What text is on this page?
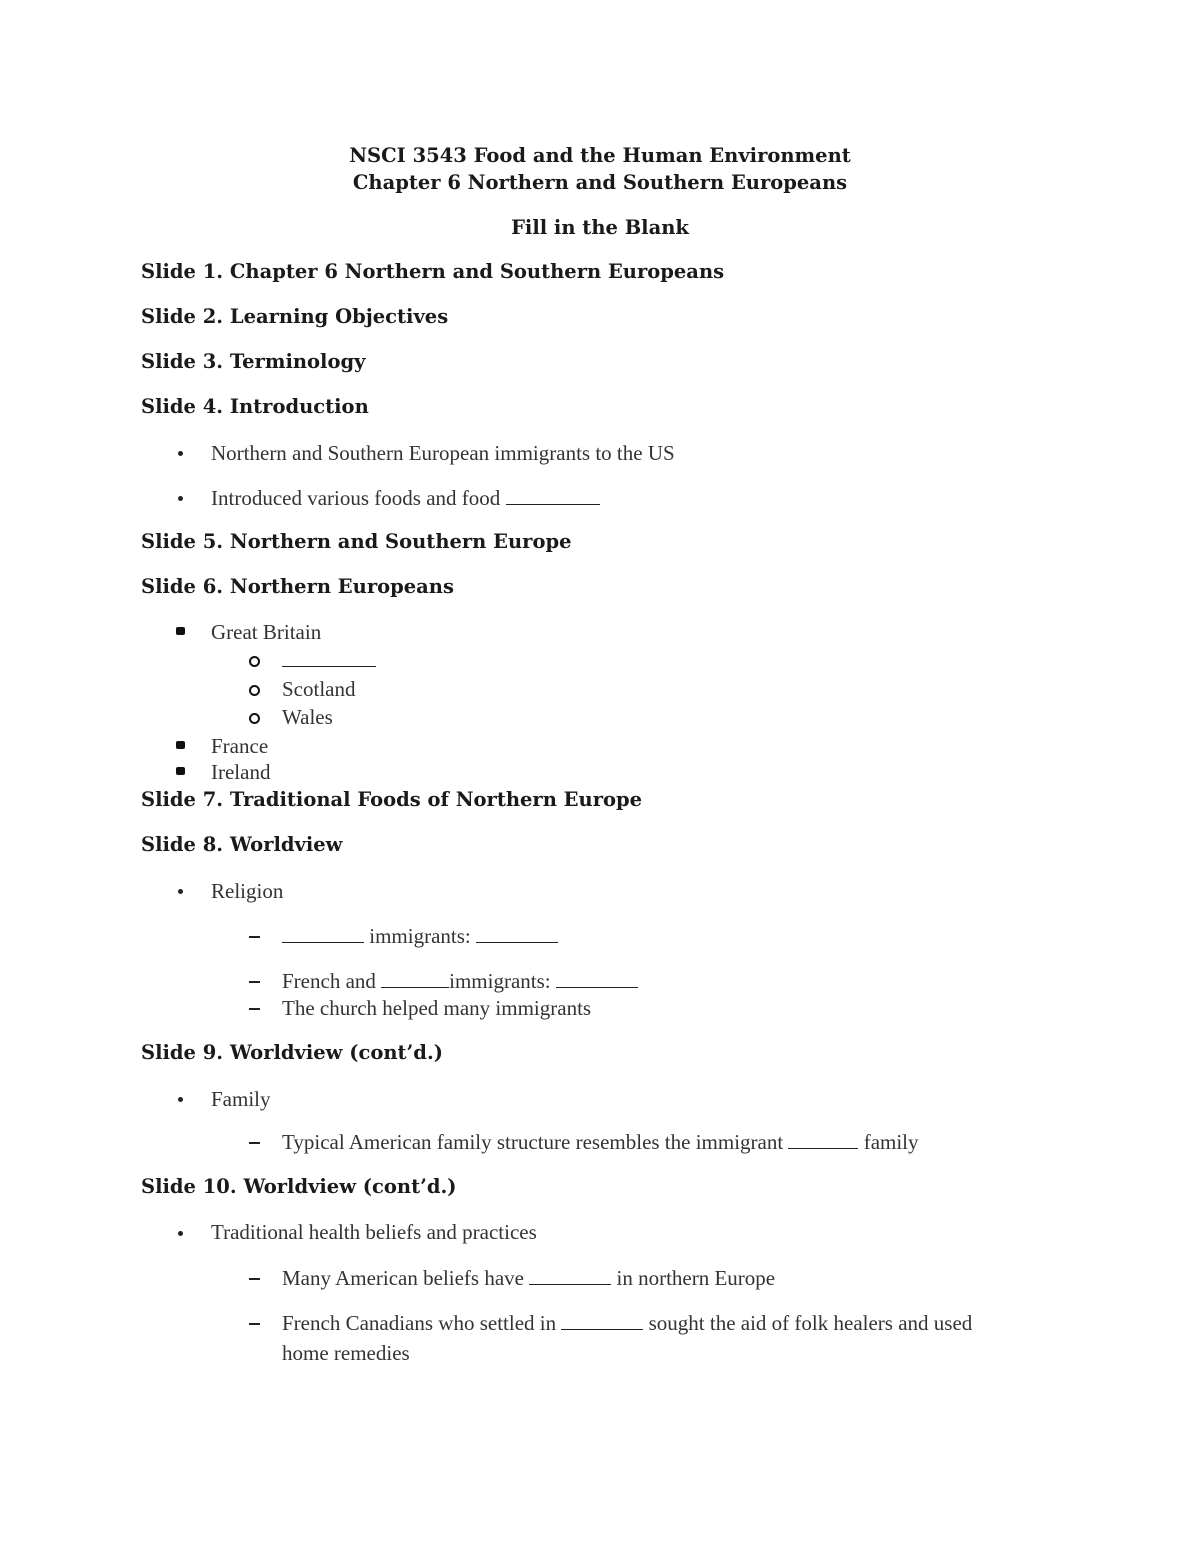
NSCI 3543 Food and the Human Environment
Chapter 6 Northern and Southern Europeans
Fill in the Blank
Slide 1. Chapter 6 Northern and Southern Europeans
Slide 2. Learning Objectives
Slide 3. Terminology
Slide 4. Introduction
Northern and Southern European immigrants to the US
Introduced various foods and food
Slide 5. Northern and Southern Europe
Slide 6. Northern Europeans
Great Britain
Scotland
Wales
France
Ireland
Slide 7. Traditional Foods of Northern Europe
Slide 8. Worldview
Religion
immigrants:
French and	immigrants:
The church helped many immigrants
Slide 9. Worldview (cont’d.)
Family
Typical American family structure resembles the immigrant	family
Slide 10. Worldview (cont’d.)
Traditional health beliefs and practices
Many American beliefs have	in northern Europe
French Canadians who settled in	sought the aid of folk healers and used
home remedies
